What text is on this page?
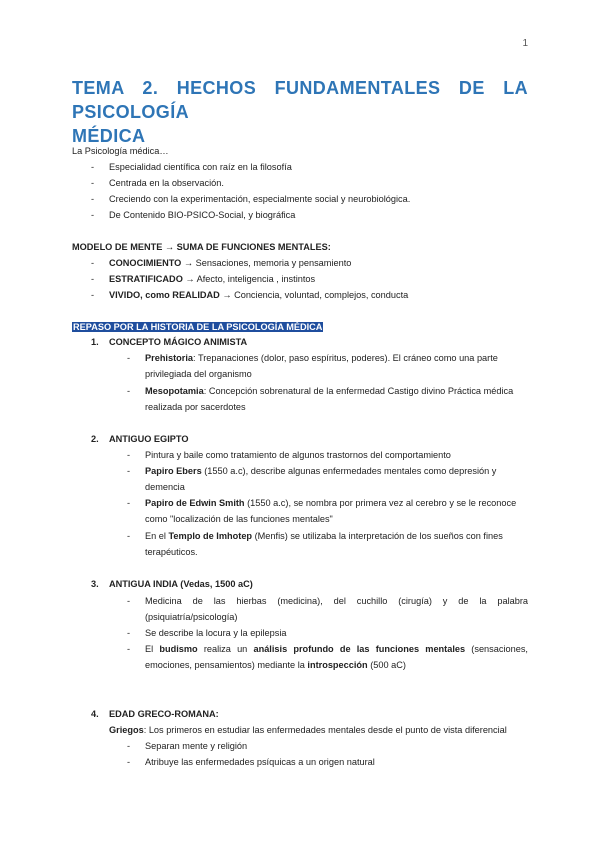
1
TEMA 2. HECHOS FUNDAMENTALES DE LA PSICOLOGÍA
MÉDICA
La Psicología médica…
- Especialidad científica con raíz en la filosofía
- Centrada en la observación.
- Creciendo con la experimentación, especialmente social y neurobiológica.
- De Contenido BIO-PSICO-Social, y biográfica
MODELO DE MENTE → SUMA DE FUNCIONES MENTALES:
- CONOCIMIENTO → Sensaciones, memoria y pensamiento
- ESTRATIFICADO → Afecto, inteligencia , instintos
- VIVIDO, como REALIDAD → Conciencia, voluntad, complejos, conducta
REPASO POR LA HISTORIA DE LA PSICOLOGÍA MÉDICA
1. CONCEPTO MÁGICO ANIMISTA
- Prehistoria: Trepanaciones (dolor, paso espíritus, poderes). El cráneo como una parte
privilegiada del organismo
- Mesopotamia: Concepción sobrenatural de la enfermedad Castigo divino Práctica médica
realizada por sacerdotes
2. ANTIGUO EGIPTO
- Pintura y baile como tratamiento de algunos trastornos del comportamiento
- Papiro Ebers (1550 a.c), describe algunas enfermedades mentales como depresión y
demencia
- Papiro de Edwin Smith (1550 a.c), se nombra por primera vez al cerebro y se le reconoce
como "localización de las funciones mentales"
- En el Templo de Imhotep (Menfis) se utilizaba la interpretación de los sueños con fines
terapéuticos.
3. ANTIGUA INDIA (Vedas, 1500 aC)
- Medicina de las hierbas (medicina), del cuchillo (cirugía) y de la palabra
(psiquiatría/psicología)
- Se describe la locura y la epilepsia
- El budismo realiza un análisis profundo de las funciones mentales (sensaciones,
emociones, pensamientos) mediante la introspección (500 aC)
4. EDAD GRECO-ROMANA:
Griegos: Los primeros en estudiar las enfermedades mentales desde el punto de vista diferencial
- Separan mente y religión
- Atribuye las enfermedades psíquicas a un origen natural
